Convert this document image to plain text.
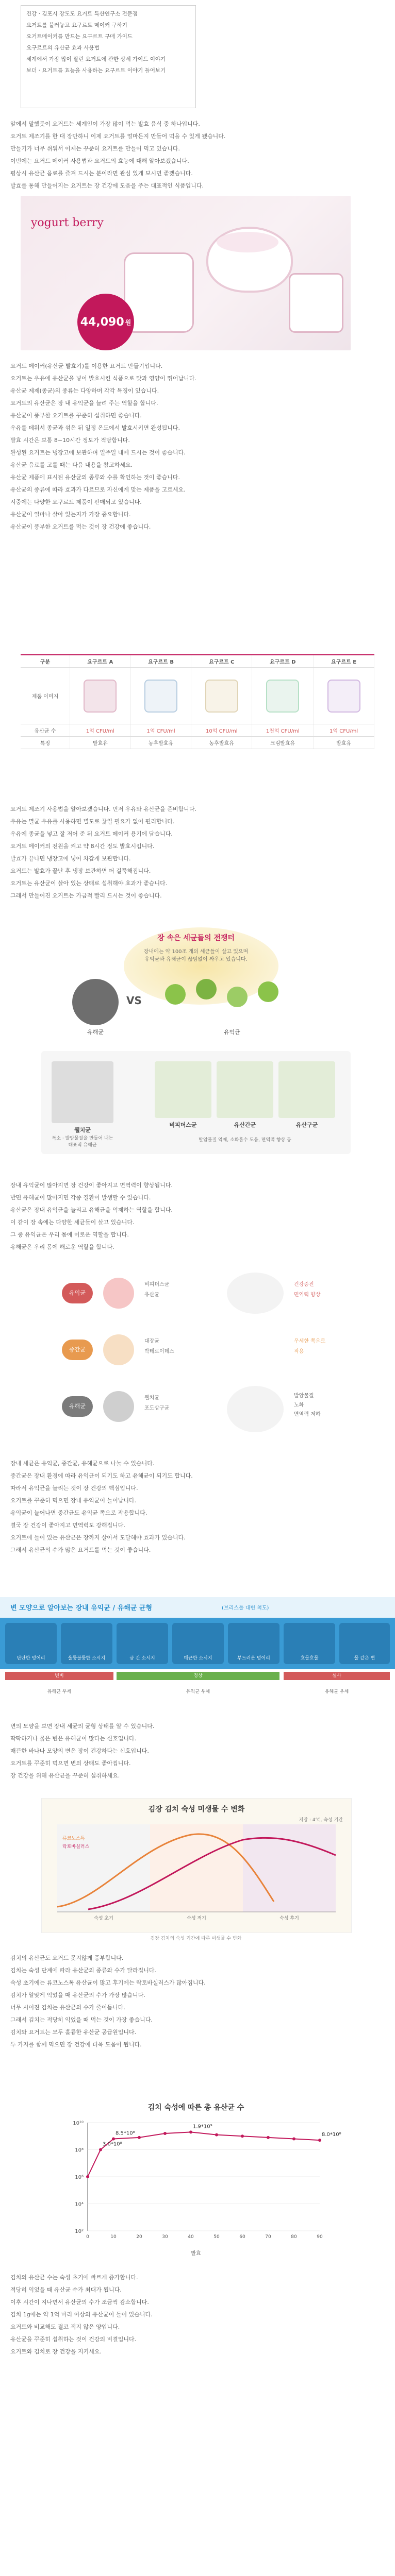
건강 · 김포시 장도도 요거트 특산연구소 전문점

요거트를 불러놓고 요구르트 메이커 구하기

요거트메이커를 만드는 요구르트 구매 가이드

요구르트의 유산균 효과 사용법

세계에서 가장 많이 팔린 요거트에 관한 상세 가이드 이야기

보더 · 요거트를 효능을 사용하는 요구르트 이야기 들어보기

앞에서 말했듯이 요거트는 세계인이 가장 많이 먹는 발효 음식 중 하나입니다.

요거트 제조기를 한 대 장만하니 이제 요거트를 얼마든지 만들어 먹을 수 있게 됐습니다.

만들기가 너무 쉬워서 이제는 꾸준히 요거트를 만들어 먹고 있습니다.

이번에는 요거트 메이커 사용법과 요거트의 효능에 대해 알아보겠습니다.

평상시 유산균 음료를 즐겨 드시는 분이라면 관심 있게 보시면 좋겠습니다.

발효를 통해 만들어지는 요거트는 장 건강에 도움을 주는 대표적인 식품입니다.

yogurt berry
44,090 원

요거트 메이커(유산균 발효기)를 이용한 요거트 만들기입니다.

요거트는 우유에 유산균을 넣어 발효시킨 식품으로 맛과 영양이 뛰어납니다.

유산균 제제(종균)의 종류는 다양하며 각각 특징이 있습니다.

요거트의 유산균은 장 내 유익균을 늘려 주는 역할을 합니다.

유산균이 풍부한 요거트를 꾸준히 섭취하면 좋습니다.

우유를 데워서 종균과 섞은 뒤 일정 온도에서 발효시키면 완성됩니다.

발효 시간은 보통 8~10시간 정도가 적당합니다.

완성된 요거트는 냉장고에 보관하며 일주일 내에 드시는 것이 좋습니다.

유산균 음료를 고를 때는 다음 내용을 참고하세요.

유산균 제품에 표시된 유산균의 종류와 수를 확인하는 것이 좋습니다.

유산균의 종류에 따라 효과가 다르므로 자신에게 맞는 제품을 고르세요.

시중에는 다양한 요구르트 제품이 판매되고 있습니다.

유산균이 얼마나 살아 있는지가 가장 중요합니다.

유산균이 풍부한 요거트를 먹는 것이 장 건강에 좋습니다.

구분	요구르트 A	요구르트 B	요구르트 C	요구르트 D	요구르트 E
제품 이미지	

유산균 수	1억 CFU/ml	1억 CFU/ml	10억 CFU/ml	1천억 CFU/ml	1억 CFU/ml
특징	발효유	농후발효유	농후발효유	크림발효유	발효유

요거트 제조기 사용법을 알아보겠습니다. 먼저 우유와 유산균을 준비합니다.

우유는 멸균 우유를 사용하면 별도로 끓일 필요가 없어 편리합니다.

우유에 종균을 넣고 잘 저어 준 뒤 요거트 메이커 용기에 담습니다.

요거트 메이커의 전원을 켜고 약 8시간 정도 발효시킵니다.

발효가 끝나면 냉장고에 넣어 차갑게 보관합니다.

요거트는 발효가 끝난 후 냉장 보관하면 더 걸쭉해집니다.

요거트는 유산균이 살아 있는 상태로 섭취해야 효과가 좋습니다.

그래서 만들어진 요거트는 가급적 빨리 드시는 것이 좋습니다.

장 속은 세균들의 전쟁터
장내에는 약 100조 개의 세균들이 살고 있으며
유익균과 유해균이 끊임없이 싸우고 있습니다.
유해균
VS
유익균
웰치균
독소 · 발암물질을 만들어 내는 대표적 유해균
비피더스균	유산간균	유산구균
발암물질 억제, 소화흡수 도움, 면역력 향상 등

장내 유익균이 많아지면 장 건강이 좋아지고 면역력이 향상됩니다.

반면 유해균이 많아지면 각종 질환이 발생할 수 있습니다.

유산균은 장내 유익균을 늘리고 유해균을 억제하는 역할을 합니다.

이 같이 장 속에는 다양한 세균들이 살고 있습니다.

그 중 유익균은 우리 몸에 이로운 역할을 합니다.

유해균은 우리 몸에 해로운 역할을 합니다.

유익균
비피더스균
유산균
건강증진
면역력 향상
중간균
대장균
박테로이데스
우세한 쪽으로
작용
유해균
웰치균
포도상구균
발암물질
노화
면역력 저하

장내 세균은 유익균, 중간균, 유해균으로 나눌 수 있습니다.

중간균은 장내 환경에 따라 유익균이 되기도 하고 유해균이 되기도 합니다.

따라서 유익균을 늘리는 것이 장 건강의 핵심입니다.

요거트를 꾸준히 먹으면 장내 유익균이 늘어납니다.

유익균이 늘어나면 중간균도 유익균 쪽으로 작용합니다.

결국 장 건강이 좋아지고 면역력도 강해집니다.

요거트에 들어 있는 유산균은 장까지 살아서 도달해야 효과가 있습니다.

그래서 유산균의 수가 많은 요거트를 먹는 것이 좋습니다.

변 모양으로 알아보는 장내 유익균 / 유해균 균형	(브리스톨 대변 척도)
단단한 덩어리	울퉁불퉁한 소시지	금 간 소시지	매끈한 소시지	부드러운 덩어리	흐물흐물	물 같은 변
변비	정상	설사
유해균 우세	유익균 우세	유해균 우세

변의 모양을 보면 장내 세균의 균형 상태를 알 수 있습니다.

딱딱하거나 묽은 변은 유해균이 많다는 신호입니다.

매끈한 바나나 모양의 변은 장이 건강하다는 신호입니다.

요거트를 꾸준히 먹으면 변의 상태도 좋아집니다.

장 건강을 위해 유산균을 꾸준히 섭취하세요.

김장 김치 숙성 미생물 수 변화
저장 : 4℃, 숙성 기간
숙성 초기	숙성 적기	숙성 후기
류코노스톡
락토바실러스
김장 김치의 숙성 기간에 따른 미생물 수 변화

김치의 유산균도 요거트 못지않게 풍부합니다.

김치는 숙성 단계에 따라 유산균의 종류와 수가 달라집니다.

숙성 초기에는 류코노스톡 유산균이 많고 후기에는 락토바실러스가 많아집니다.

김치가 알맞게 익었을 때 유산균의 수가 가장 많습니다.

너무 시어진 김치는 유산균의 수가 줄어듭니다.

그래서 김치는 적당히 익었을 때 먹는 것이 가장 좋습니다.

김치와 요거트는 모두 훌륭한 유산균 공급원입니다.

두 가지를 함께 먹으면 장 건강에 더욱 도움이 됩니다.

김치 숙성에 따른 총 유산균 수
10²
10⁴
10⁶
10⁸
10¹⁰
0	10	20	30	40	50	60	70	80	90
8.5*10⁸
1.9*10⁹
8.0*10⁸
3.0*10⁸
발효

김치의 유산균 수는 숙성 초기에 빠르게 증가합니다.

적당히 익었을 때 유산균 수가 최대가 됩니다.

이후 시간이 지나면서 유산균의 수가 조금씩 감소합니다.

김치 1g에는 약 1억 마리 이상의 유산균이 들어 있습니다.

요거트와 비교해도 결코 적지 않은 양입니다.

유산균을 꾸준히 섭취하는 것이 건강의 비결입니다.

요거트와 김치로 장 건강을 지키세요.
